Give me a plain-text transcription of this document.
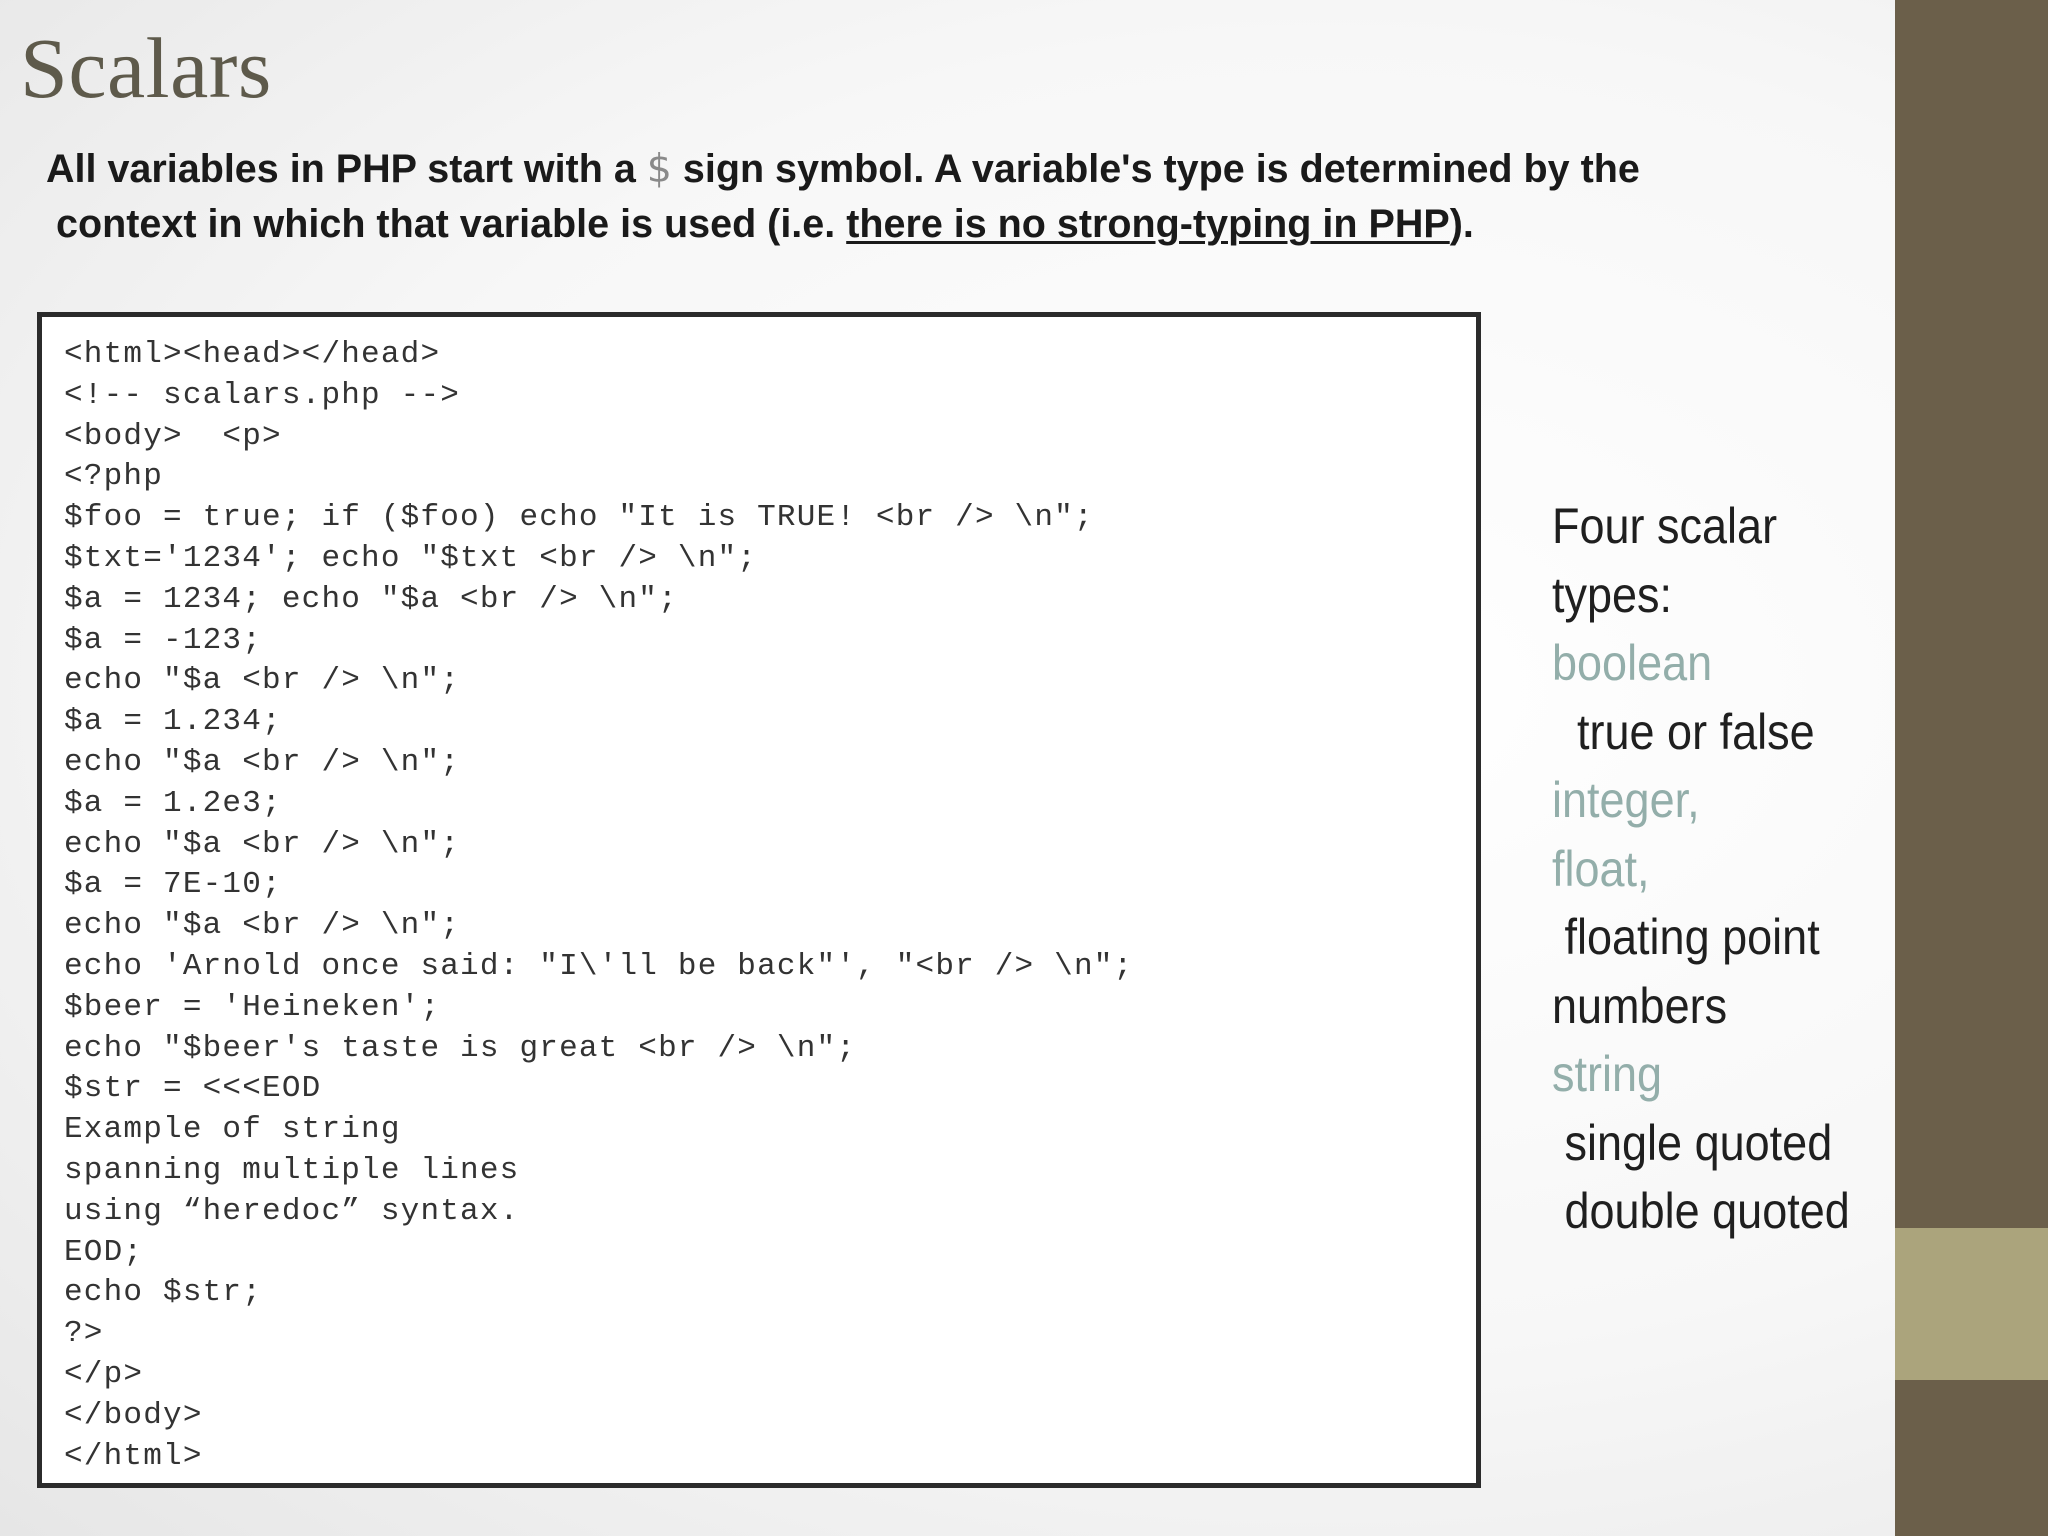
Scalars
All variables in PHP start with a $ sign symbol. A variable's type is determined by the
context in which that variable is used (i.e. there is no strong-typing in PHP).
<html><head></head>
<!-- scalars.php -->
<body>  <p>
<?php
$foo = true; if ($foo) echo "It is TRUE! <br /> \n";
$txt='1234'; echo "$txt <br /> \n";
$a = 1234; echo "$a <br /> \n";
$a = -123;
echo "$a <br /> \n";
$a = 1.234;
echo "$a <br /> \n";
$a = 1.2e3;
echo "$a <br /> \n";
$a = 7E-10;
echo "$a <br /> \n";
echo 'Arnold once said: "I\'ll be back"', "<br /> \n";
$beer = 'Heineken';
echo "$beer's taste is great <br /> \n";
$str = <<<EOD
Example of string
spanning multiple lines
using “heredoc” syntax.
EOD;
echo $str;
?>
</p>
</body>
</html>
Four scalar
types:
boolean
true or false
integer,
float,
floating point
numbers
string
single quoted
double quoted
